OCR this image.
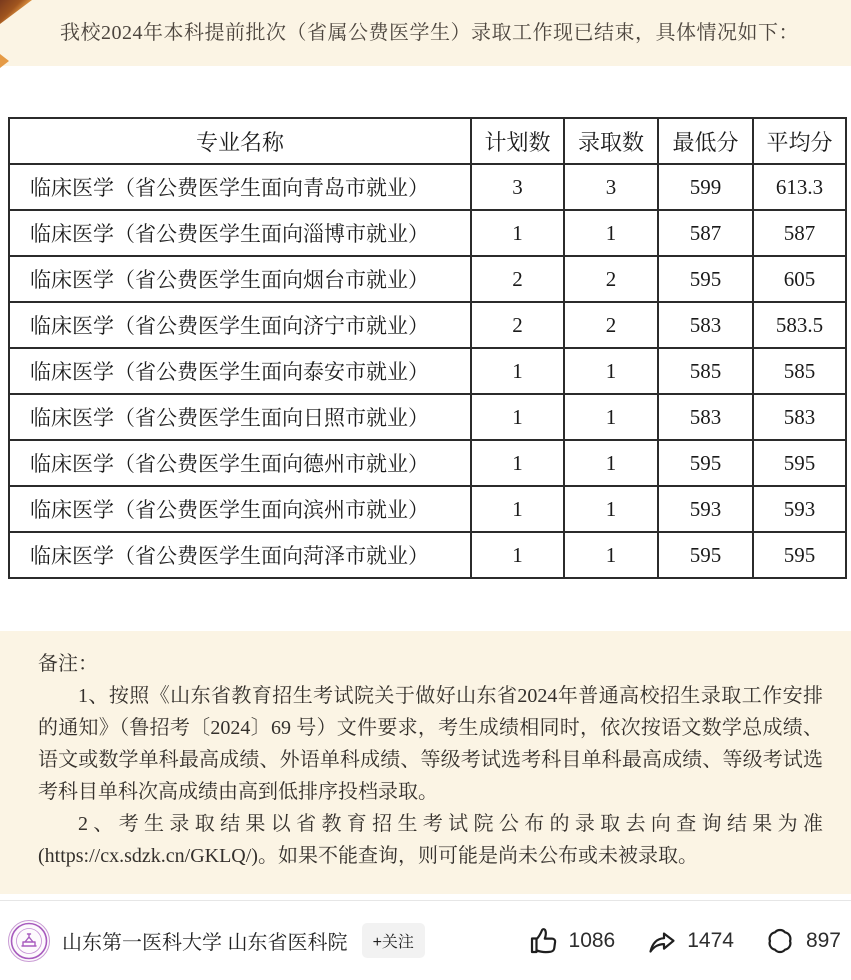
我校2024年本科提前批次（省属公费医学生）录取工作现已结束，具体情况如下：

专业名称	计划数	录取数	最低分	平均分
临床医学（省公费医学生面向青岛市就业）	3	3	599	613.3
临床医学（省公费医学生面向淄博市就业）	1	1	587	587
临床医学（省公费医学生面向烟台市就业）	2	2	595	605
临床医学（省公费医学生面向济宁市就业）	2	2	583	583.5
临床医学（省公费医学生面向泰安市就业）	1	1	585	585
临床医学（省公费医学生面向日照市就业）	1	1	583	583
临床医学（省公费医学生面向德州市就业）	1	1	595	595
临床医学（省公费医学生面向滨州市就业）	1	1	593	593
临床医学（省公费医学生面向菏泽市就业）	1	1	595	595

备注：

1、按照《山东省教育招生考试院关于做好山东省2024年普通高校招生录取工作安排的通知》（鲁招考〔2024〕69 号）文件要求，考生成绩相同时，依次按语文数学总成绩、语文或数学单科最高成绩、外语单科成绩、等级考试选考科目单科最高成绩、等级考试选考科目单科次高成绩由高到低排序投档录取。

2、考生录取结果以省教育招生考试院公布的录取去向查询结果为准(https://cx.sdzk.cn/GKLQ/)。如果不能查询，则可能是尚未公布或未被录取。

山东第一医科大学 山东省医科院	+关注	1086	1474	897
